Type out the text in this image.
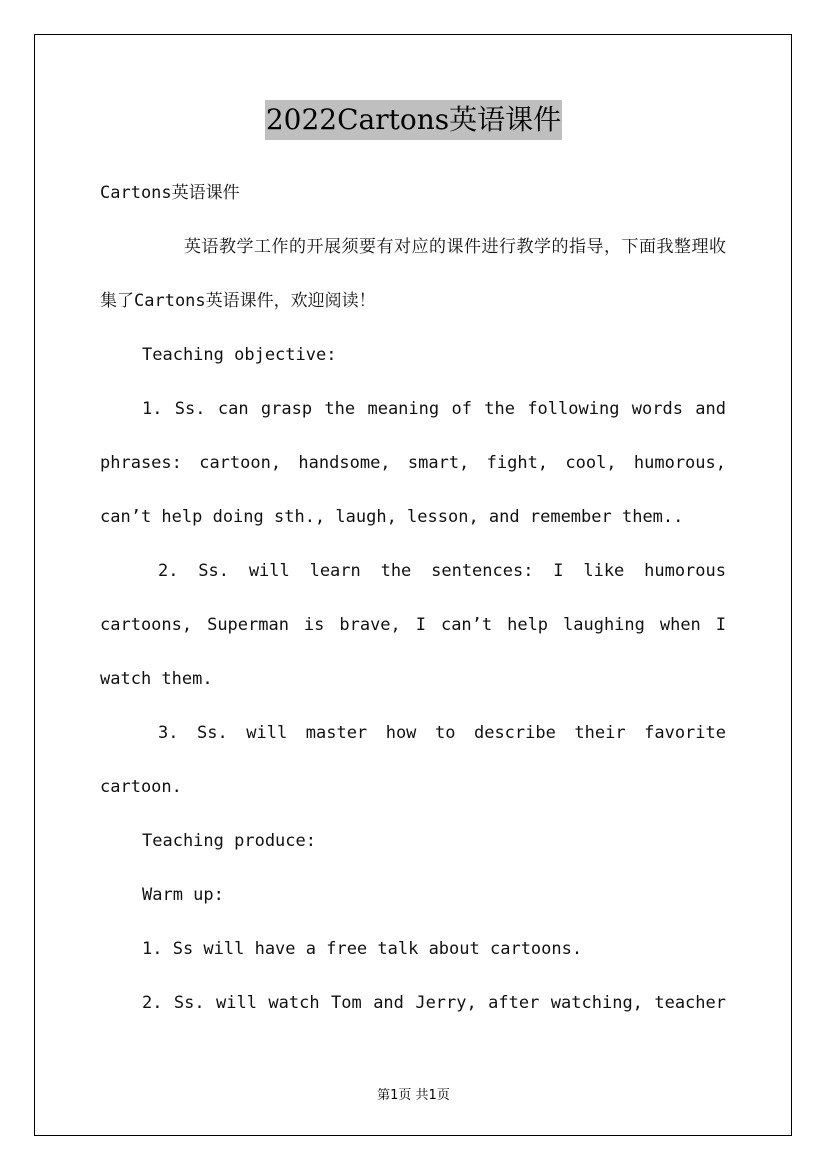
2022Cartons英语课件

Cartons英语课件

英语教学工作的开展须要有对应的课件进行教学的指导，下面我整理收集了Cartons英语课件，欢迎阅读！

Teaching objective:

1. Ss. can grasp the meaning of the following words and phrases: cartoon, handsome, smart, fight, cool, humorous, can’t help doing sth., laugh, lesson, and remember them..

2. Ss. will learn the sentences: I like humorous cartoons, Superman is brave, I can’t help laughing when I watch them.

3. Ss. will master how to describe their favorite cartoon.

Teaching produce:

Warm up:

1. Ss will have a free talk about cartoons.

2. Ss. will watch Tom and Jerry, after watching, teacher

第1页 共1页
